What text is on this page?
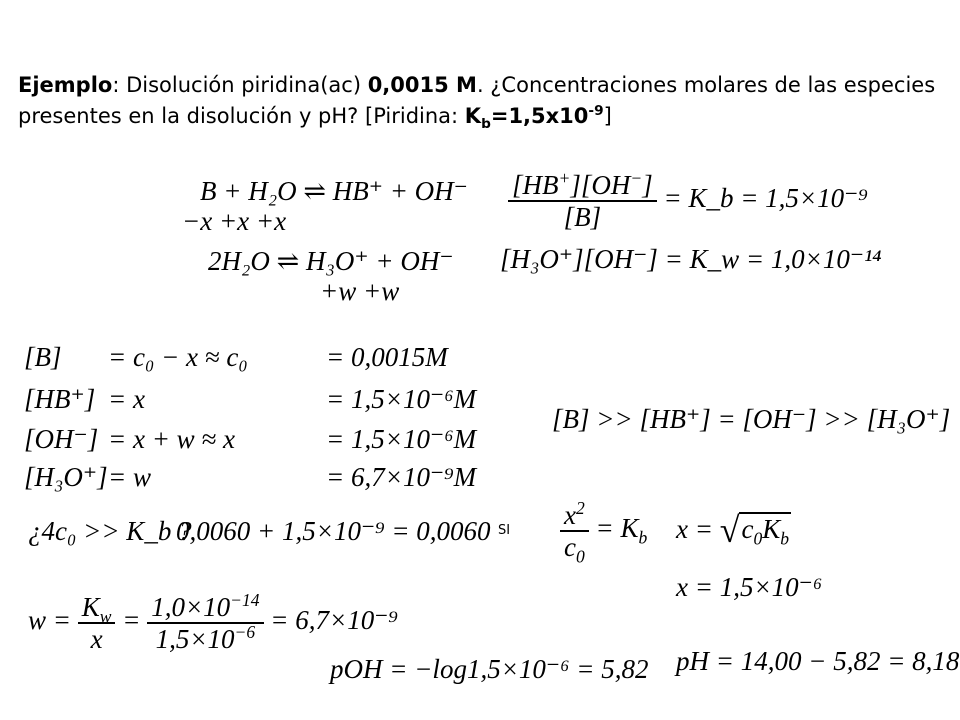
Ejemplo: Disolución piridina(ac) 0,0015 M. ¿Concentraciones molares de las especies presentes en la disolución y pH? [Piridina: $K_b=1,5x10^{-9}$]
B + H₂O ⇌ HB⁺ + OH⁻
−x +x +x
2H₂O ⇌ H₃O⁺ + OH⁻
+w +w
$\frac{[HB^+][OH^-]}{[B]}$ = K_b = 1,5×10⁻⁹
[H₃O⁺][OH⁻] = K_w = 1,0×10⁻¹⁴
[B] = c₀ − x ≈ c₀	= 0,0015M
[HB⁺] = x	= 1,5×10⁻⁶M
[OH⁻] = x + w ≈ x	= 1,5×10⁻⁶M
[H₃O⁺] = w	= 6,7×10⁻⁹M
[B] >> [HB⁺] = [OH⁻] >> [H₃O⁺]
¿4c₀ >> K_b ?
0,0060 + 1,5×10⁻⁹ = 0,0060 SI $\frac{x^2}{c_0} = K_b$ $x = √c_0K_b$
x = 1,5×10⁻⁶
$w = \frac{K_w}{x} = \frac{1,0\times 10^{-14}}{1,5\times 10^{-6}} = 6,7\times 10^{-9}$
pOH = −log1,5×10⁻⁶ = 5,82 pH = 14,00 − 5,82 = 8,18
